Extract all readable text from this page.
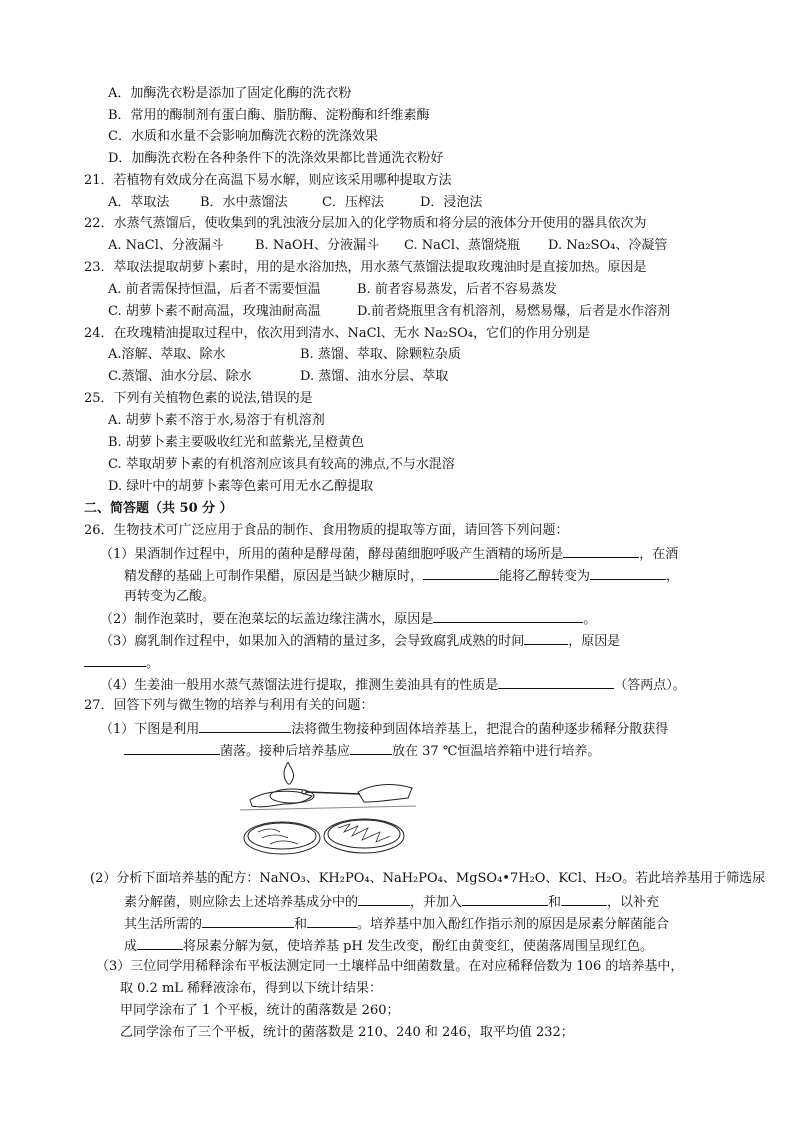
A．加酶洗衣粉是添加了固定化酶的洗衣粉
B．常用的酶制剂有蛋白酶、脂肪酶、淀粉酶和纤维素酶
C．水质和水量不会影响加酶洗衣粉的洗涤效果
D．加酶洗衣粉在各种条件下的洗涤效果都比普通洗衣粉好
21．若植物有效成分在高温下易水解，则应该采用哪种提取方法
A．萃取法 B．水中蒸馏法	C．压榨法	D．浸泡法
22．水蒸气蒸馏后，使收集到的乳浊液分层加入的化学物质和将分层的液体分开使用的器具依次为
A. NaCl、分液漏斗 B. NaOH、分液漏斗 C. NaCl、蒸馏烧瓶 D. Na₂SO₄、冷凝管
23．萃取法提取胡萝卜素时，用的是水浴加热，用水蒸气蒸馏法提取玫瑰油时是直接加热。原因是
A. 前者需保持恒温，后者不需要恒温	B. 前者容易蒸发，后者不容易蒸发
C. 胡萝卜素不耐高温，玫瑰油耐高温	D.前者烧瓶里含有机溶剂，易燃易爆，后者是水作溶剂
24．在玫瑰精油提取过程中，依次用到清水、NaCl、无水 Na₂SO₄，它们的作用分别是
A.溶解、萃取、除水	B. 蒸馏、萃取、除颗粒杂质
C.蒸馏、油水分层、除水	D. 蒸馏、油水分层、萃取
25．下列有关植物色素的说法,错误的是
A. 胡萝卜素不溶于水,易溶于有机溶剂
B. 胡萝卜素主要吸收红光和蓝紫光,呈橙黄色
C. 萃取胡萝卜素的有机溶剂应该具有较高的沸点,不与水混溶
D. 绿叶中的胡萝卜素等色素可用无水乙醇提取
二、简答题（共 50 分 ）
26．生物技术可广泛应用于食品的制作、食用物质的提取等方面，请回答下列问题：
（1）果酒制作过程中，所用的菌种是酵母菌，酵母菌细胞呼吸产生酒精的场所是	，在酒
精发酵的基础上可制作果醋，原因是当缺少糖原时，	能将乙醇转变为	，
再转变为乙酸。
（2）制作泡菜时，要在泡菜坛的坛盖边缘注满水，原因是	。
（3）腐乳制作过程中，如果加入的酒精的量过多，会导致腐乳成熟的时间	，原因是
。
（4）生姜油一般用水蒸气蒸馏法进行提取，推测生姜油具有的性质是	（答两点）。
27．回答下列与微生物的培养与利用有关的问题：
（1）下图是利用	法将微生物接种到固体培养基上，把混合的菌种逐步稀释分散获得
菌落。接种后培养基应	放在 37 ℃恒温培养箱中进行培养。
(2）分析下面培养基的配方：NaNO₃、KH₂PO₄、NaH₂PO₄、MgSO₄•7H₂O、KCl、H₂O。若此培养基用于筛选尿
素分解菌，则应除去上述培养基成分中的	，并加入	和	，以补充
其生活所需的	和	。培养基中加入酚红作指示剂的原因是尿素分解菌能合
成	将尿素分解为氨，使培养基 pH 发生改变，酚红由黄变红，使菌落周围呈现红色。
（3）三位同学用稀释涂布平板法测定同一土壤样品中细菌数量。在对应稀释倍数为 106 的培养基中，
取 0.2 mL 稀释液涂布，得到以下统计结果：
甲同学涂布了 1 个平板，统计的菌落数是 260；
乙同学涂布了三个平板，统计的菌落数是 210、240 和 246，取平均值 232；
